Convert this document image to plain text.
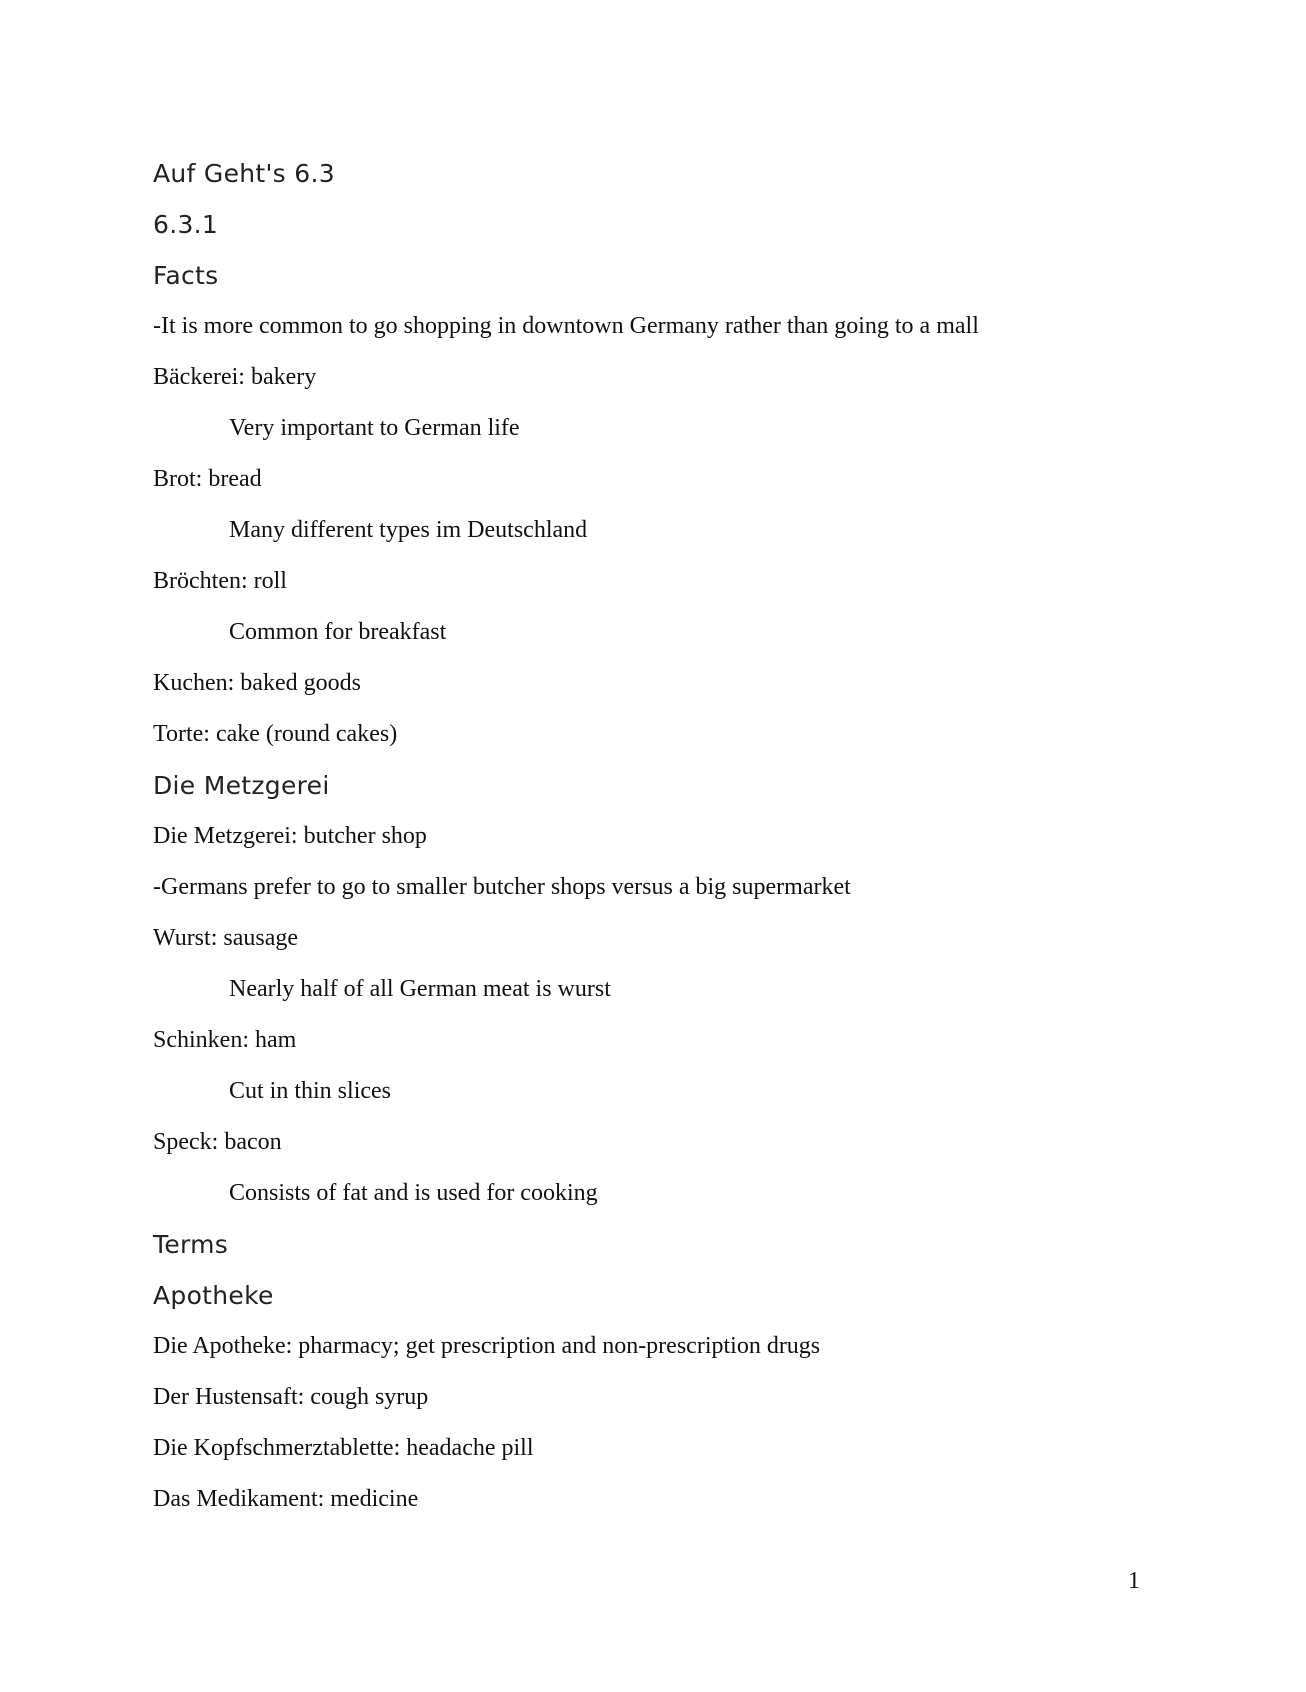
Auf Geht's 6.3
6.3.1
Facts
-It is more common to go shopping in downtown Germany rather than going to a mall
Bäckerei: bakery
Very important to German life
Brot: bread
Many different types im Deutschland
Bröchten: roll
Common for breakfast
Kuchen: baked goods
Torte: cake (round cakes)
Die Metzgerei
Die Metzgerei: butcher shop
-Germans prefer to go to smaller butcher shops versus a big supermarket
Wurst: sausage
Nearly half of all German meat is wurst
Schinken: ham
Cut in thin slices
Speck: bacon
Consists of fat and is used for cooking
Terms
Apotheke
Die Apotheke: pharmacy; get prescription and non-prescription drugs
Der Hustensaft: cough syrup
Die Kopfschmerztablette: headache pill
Das Medikament: medicine
1
